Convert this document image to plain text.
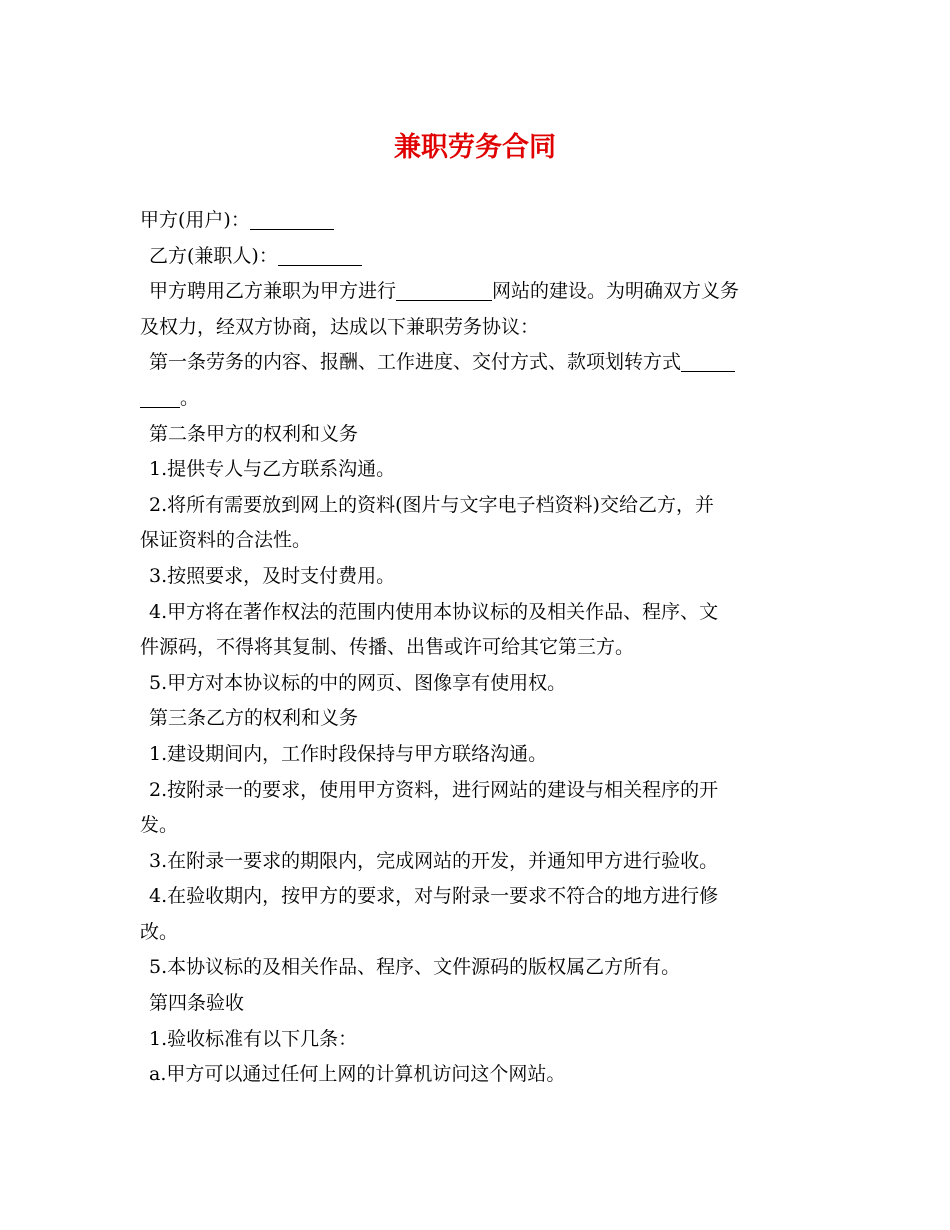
兼职劳务合同
甲方(用户)：
乙方(兼职人)：
甲方聘用乙方兼职为甲方进行	网站的建设。为明确双方义务
及权力，经双方协商，达成以下兼职劳务协议：
第一条劳务的内容、报酬、工作进度、交付方式、款项划转方式
。
第二条甲方的权利和义务
1.提供专人与乙方联系沟通。
2.将所有需要放到网上的资料(图片与文字电子档资料)交给乙方，并
保证资料的合法性。
3.按照要求，及时支付费用。
4.甲方将在著作权法的范围内使用本协议标的及相关作品、程序、文
件源码，不得将其复制、传播、出售或许可给其它第三方。
5.甲方对本协议标的中的网页、图像享有使用权。
第三条乙方的权利和义务
1.建设期间内，工作时段保持与甲方联络沟通。
2.按附录一的要求，使用甲方资料，进行网站的建设与相关程序的开
发。
3.在附录一要求的期限内，完成网站的开发，并通知甲方进行验收。
4.在验收期内，按甲方的要求，对与附录一要求不符合的地方进行修
改。
5.本协议标的及相关作品、程序、文件源码的版权属乙方所有。
第四条验收
1.验收标准有以下几条：
a.甲方可以通过任何上网的计算机访问这个网站。
